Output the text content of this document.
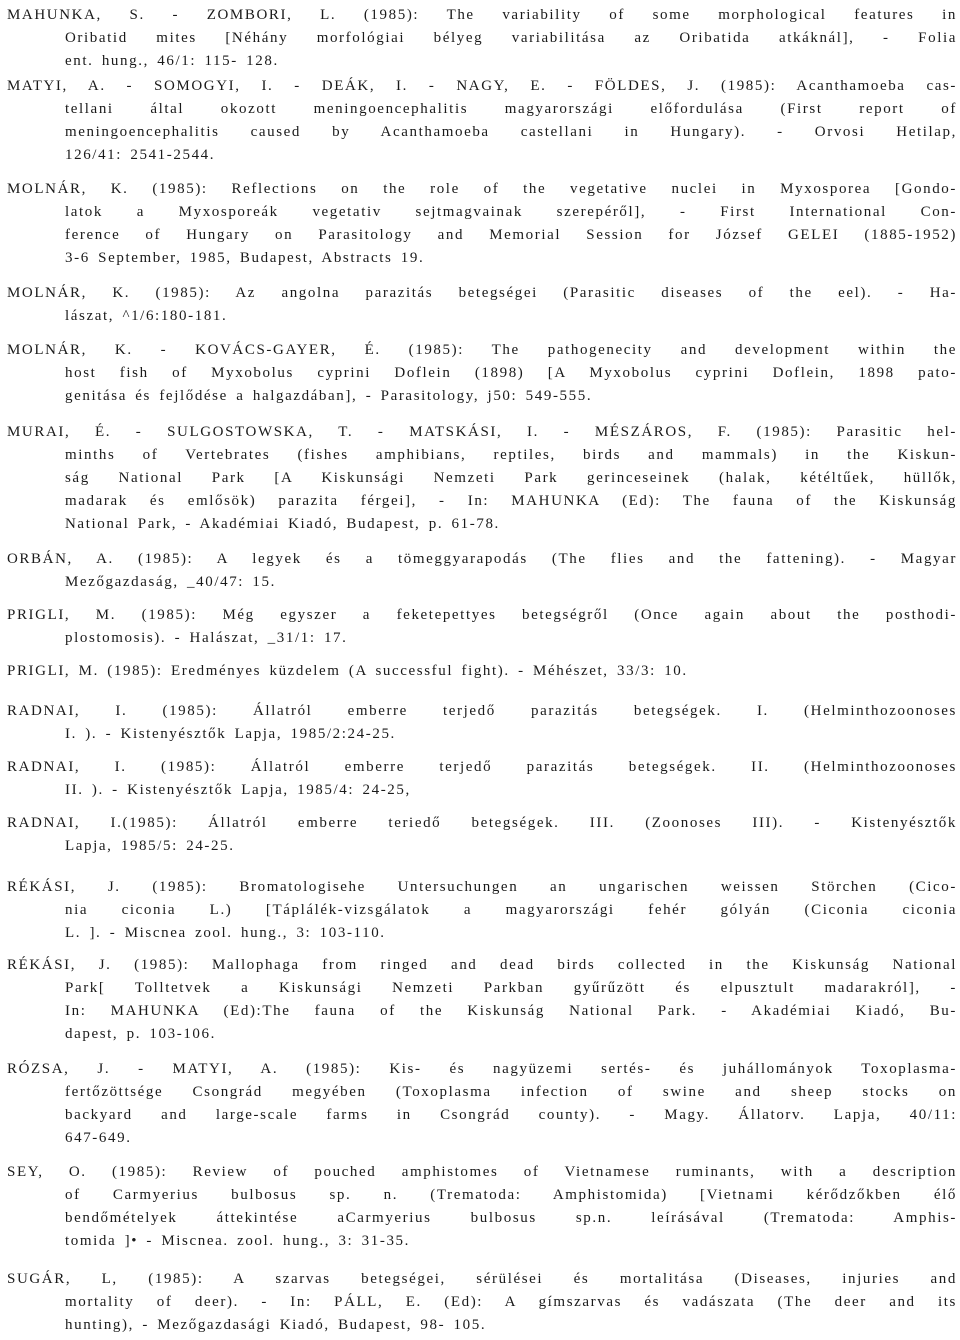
MAHUNKA, S. - ZOMBORI, L. (1985): The variability of some morphological features in
Oribatid mites [Néhány morfológiai bélyeg variabilitása az Oribatida atkáknál], - Folia
ent. hung., 46/1: 115- 128.
MATYI, A. - SOMOGYI, I. - DEÁK, I. - NAGY, E. - FÖLDES, J. (1985): Acanthamoeba cas-
tellani által okozott meningoencephalitis magyarországi előfordulása (First report of
meningoencephalitis caused by Acanthamoeba castellani in Hungary). - Orvosi Hetilap,
126/41: 2541-2544.
MOLNÁR, K. (1985): Reflections on the role of the vegetative nuclei in Myxosporea [Gondo-
latok a Myxosporeák vegetativ sejtmagvainak szerepéről], - First International Con-
ference of Hungary on Parasitology and Memorial Session for József GELEI (1885-1952)
3-6 September, 1985, Budapest, Abstracts 19.
MOLNÁR, K. (1985): Az angolna parazitás betegségei (Parasitic diseases of the eel). - Ha-
lászat, ^1/6:180-181.
MOLNÁR, K. - KOVÁCS-GAYER, É. (1985): The pathogenecity and development within the
host fish of Myxobolus cyprini Doflein (1898) [A Myxobolus cyprini Doflein, 1898 pato-
genitása és fejlődése a halgazdában], - Parasitology, j50: 549-555.
MURAI, É. - SULGOSTOWSKA, T. - MATSKÁSI, I. - MÉSZÁROS, F. (1985): Parasitic hel-
minths of Vertebrates (fishes amphibians, reptiles, birds and mammals) in the Kiskun-
ság National Park [A Kiskunsági Nemzeti Park gerinceseinek (halak, kétéltűek, hüllők,
madarak és emlősök) parazita férgei], - In: MAHUNKA (Ed): The fauna of the Kiskunság
National Park, - Akadémiai Kiadó, Budapest, p. 61-78.
ORBÁN, A. (1985): A legyek és a tömeggyarapodás (The flies and the fattening). - Magyar
Mezőgazdaság, _40/47: 15.
PRIGLI, M. (1985): Még egyszer a feketepettyes betegségről (Once again about the posthodi-
plostomosis). - Halászat, _31/1: 17.
PRIGLI, M. (1985): Eredményes küzdelem (A successful fight). - Méhészet, 33/3: 10.
RADNAI, I. (1985): Állatról emberre terjedő parazitás betegségek. I. (Helminthozoonoses
I. ). - Kistenyésztők Lapja, 1985/2:24-25.
RADNAI, I. (1985): Állatról emberre terjedő parazitás betegségek. II. (Helminthozoonoses
II. ). - Kistenyésztők Lapja, 1985/4: 24-25,
RADNAI, I.(1985): Állatról emberre teriedő betegségek. III. (Zoonoses III). - Kistenyésztők
Lapja, 1985/5: 24-25.
RÉKÁSI, J. (1985): Bromatologisehe Untersuchungen an ungarischen weissen Störchen (Cico-
nia ciconia L.) [Táplálék-vizsgálatok a magyarországi fehér gólyán (Ciconia ciconia
L. ]. - Miscnea zool. hung., 3: 103-110.
RÉKÁSI, J. (1985): Mallophaga from ringed and dead birds collected in the Kiskunság National
Park[ Tolltetvek a Kiskunsági Nemzeti Parkban gyűrűzött és elpusztult madarakról], -
In: MAHUNKA (Ed):The fauna of the Kiskunság National Park. - Akadémiai Kiadó, Bu-
dapest, p. 103-106.
RÓZSA, J. - MATYI, A. (1985): Kis- és nagyüzemi sertés- és juhállományok Toxoplasma-
fertőzöttsége Csongrád megyében (Toxoplasma infection of swine and sheep stocks on
backyard and large-scale farms in Csongrád county). - Magy. Állatorv. Lapja, 40/11:
647-649.
SEY, O. (1985): Review of pouched amphistomes of Vietnamese ruminants, with a description
of Carmyerius bulbosus sp. n. (Trematoda: Amphistomida) [Vietnami kérődzőkben élő
bendőmételyek áttekintése aCarmyerius bulbosus sp.n. leírásával (Trematoda: Amphis-
tomida ]• - Miscnea. zool. hung., 3: 31-35.
SUGÁR, L, (1985): A szarvas betegségei, sérülései és mortalitása (Diseases, injuries and
mortality of deer). - In: PÁLL, E. (Ed): A gímszarvas és vadászata (The deer and its
hunting), - Mezőgazdasági Kiadó, Budapest, 98- 105.
